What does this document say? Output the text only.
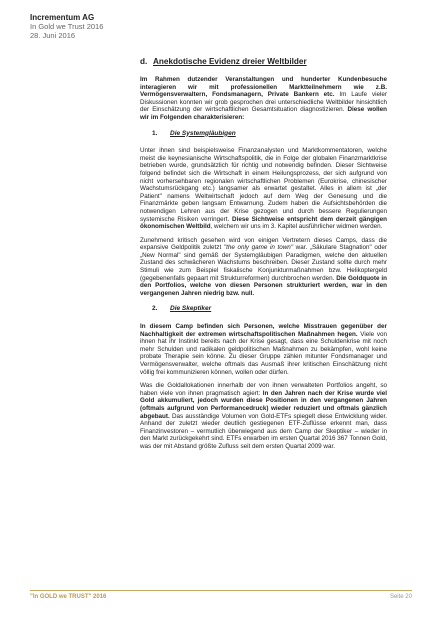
Incrementum AG
In Gold we Trust 2016
28. Juni 2016
d. Anekdotische Evidenz dreier Weltbilder

Im Rahmen dutzender Veranstaltungen und hunderter Kundenbesuche interagieren wir mit professionellen Marktteilnehmern wie z.B. Vermögensverwaltern, Fondsmanagern, Private Bankern etc. Im Laufe vieler Diskussionen konnten wir grob gesprochen drei unterschiedliche Weltbilder hinsichtlich der Einschätzung der wirtschaftlichen Gesamtsituation diagnostizieren. Diese wollen wir im Folgenden charakterisieren:

1. Die Systemgläubigen

Unter ihnen sind beispielsweise Finanzanalysten und Marktkommentatoren, welche meist die keynesianische Wirtschaftspolitik, die in Folge der globalen Finanzmarktkrise betrieben wurde, grundsätzlich für richtig und notwendig befinden. Dieser Sichtweise folgend befindet sich die Wirtschaft in einem Heilungsprozess, der sich aufgrund von nicht vorhersehbaren regionalen wirtschaftlichen Problemen (Eurokrise, chinesischer Wachstumsrückgang etc.) langsamer als erwartet gestaltet. Alles in allem ist „der Patient" namens Weltwirtschaft jedoch auf dem Weg der Genesung und die Finanzmärkte geben langsam Entwarnung. Zudem haben die Aufsichtsbehörden die notwendigen Lehren aus der Krise gezogen und durch bessere Regulierungen systemische Risiken verringert. Diese Sichtweise entspricht dem derzeit gängigen ökonomischen Weltbild, welchem wir uns im 3. Kapitel ausführlicher widmen werden.

Zunehmend kritisch gesehen wird von einigen Vertretern dieses Camps, dass die expansive Geldpolitik zuletzt "the only game in town" war. „Säkulare Stagnation" oder „New Normal" sind gemäß der Systemgläubigen Paradigmen, welche den aktuellen Zustand des schwächeren Wachstums beschreiben. Dieser Zustand sollte durch mehr Stimuli wie zum Beispiel fiskalische Konjunkturmaßnahmen bzw. Helikoptergeld (gegebenenfalls gepaart mit Strukturreformen) durchbrochen werden. Die Goldquote in den Portfolios, welche von diesen Personen strukturiert werden, war in den vergangenen Jahren niedrig bzw. null.

2. Die Skeptiker

In diesem Camp befinden sich Personen, welche Misstrauen gegenüber der Nachhaltigkeit der extremen wirtschaftspolitischen Maßnahmen hegen. Viele von ihnen hat ihr Instinkt bereits nach der Krise gesagt, dass eine Schuldenkrise mit noch mehr Schulden und radikalen geldpolitischen Maßnahmen zu bekämpfen, wohl keine probate Therapie sein könne. Zu dieser Gruppe zählen mitunter Fondsmanager und Vermögensverwalter, welche oftmals das Ausmaß ihrer kritischen Einschätzung nicht völlig frei kommunizieren können, wollen oder dürfen.

Was die Goldallokationen innerhalb der von ihnen verwalteten Portfolios angeht, so haben viele von ihnen pragmatisch agiert: In den Jahren nach der Krise wurde viel Gold akkumuliert, jedoch wurden diese Positionen in den vergangenen Jahren (oftmals aufgrund von Performancedruck) wieder reduziert und oftmals gänzlich abgebaut. Das ausständige Volumen von Gold-ETFs spiegelt diese Entwicklung wider. Anhand der zuletzt wieder deutlich gestiegenen ETF-Zuflüsse erkennt man, dass Finanzinvestoren – vermutlich überwiegend aus dem Camp der Skeptiker – wieder in den Markt zurückgekehrt sind. ETFs erwarben im ersten Quartal 2016 367 Tonnen Gold, was der mit Abstand größte Zufluss seit dem ersten Quartal 2009 war.

"In GOLD we TRUST" 2016	Seite 20
